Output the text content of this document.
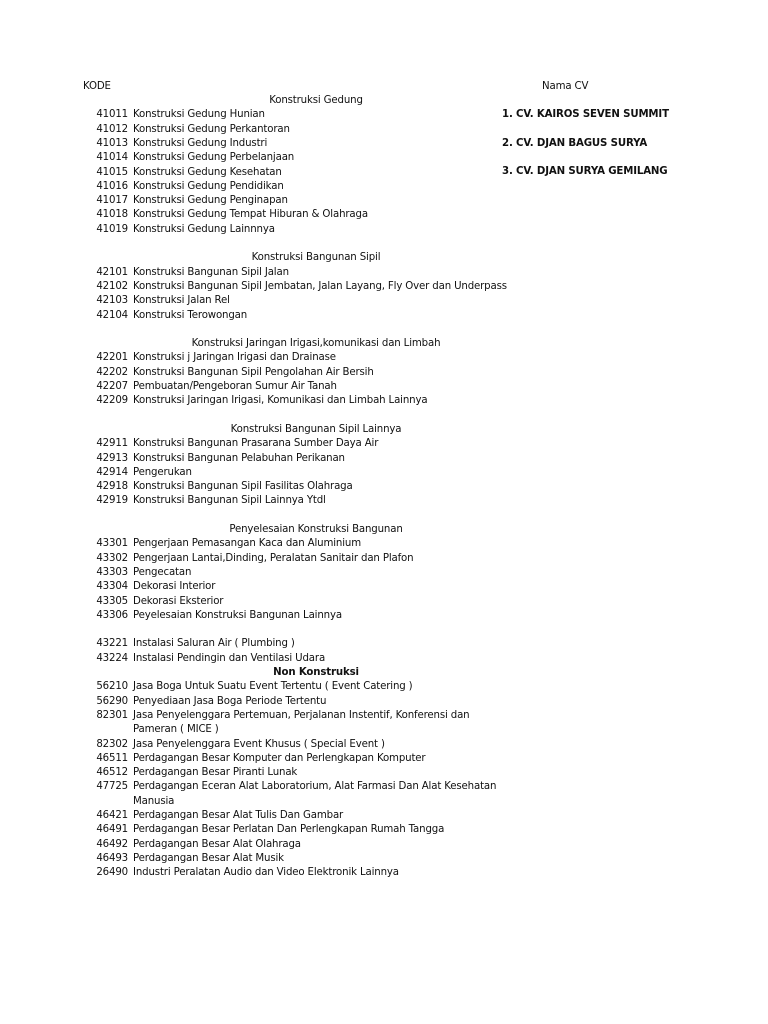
KODE	Nama CV
1. CV. KAIROS SEVEN SUMMIT
2. CV. DJAN BAGUS SURYA
3. CV. DJAN SURYA GEMILANG
Konstruksi Gedung
41011 Konstruksi Gedung Hunian
41012 Konstruksi Gedung Perkantoran
41013 Konstruksi Gedung Industri
41014 Konstruksi Gedung Perbelanjaan
41015 Konstruksi Gedung Kesehatan
41016 Konstruksi Gedung Pendidikan
41017 Konstruksi Gedung Penginapan
41018 Konstruksi Gedung Tempat Hiburan & Olahraga
41019 Konstruksi Gedung Lainnnya
Konstruksi Bangunan Sipil
42101 Konstruksi Bangunan Sipil Jalan
42102 Konstruksi Bangunan Sipil Jembatan, Jalan Layang, Fly Over dan Underpass
42103 Konstruksi Jalan Rel
42104 Konstruksi Terowongan
Konstruksi Jaringan Irigasi,komunikasi dan Limbah
42201 Konstruksi j Jaringan Irigasi dan Drainase
42202 Konstruksi Bangunan Sipil Pengolahan Air Bersih
42207 Pembuatan/Pengeboran Sumur Air Tanah
42209 Konstruksi Jaringan Irigasi, Komunikasi dan Limbah Lainnya
Konstruksi Bangunan Sipil Lainnya
42911 Konstruksi Bangunan Prasarana Sumber Daya Air
42913 Konstruksi Bangunan Pelabuhan Perikanan
42914 Pengerukan
42918 Konstruksi Bangunan Sipil Fasilitas Olahraga
42919 Konstruksi Bangunan Sipil Lainnya Ytdl
Penyelesaian Konstruksi Bangunan
43301 Pengerjaan Pemasangan Kaca dan Aluminium
43302 Pengerjaan Lantai,Dinding, Peralatan Sanitair dan Plafon
43303 Pengecatan
43304 Dekorasi Interior
43305 Dekorasi Eksterior
43306 Peyelesaian Konstruksi Bangunan Lainnya
43221 Instalasi Saluran Air ( Plumbing )
43224 Instalasi Pendingin dan Ventilasi Udara
Non Konstruksi
56210 Jasa Boga Untuk Suatu Event Tertentu ( Event Catering )
56290 Penyediaan Jasa Boga Periode Tertentu
82301 Jasa Penyelenggara Pertemuan, Perjalanan Instentif, Konferensi dan
Pameran ( MICE )
82302 Jasa Penyelenggara Event Khusus ( Special Event )
46511 Perdagangan Besar Komputer dan Perlengkapan Komputer
46512 Perdagangan Besar Piranti Lunak
47725 Perdagangan Eceran Alat Laboratorium, Alat Farmasi Dan Alat Kesehatan
Manusia
46421 Perdagangan Besar Alat Tulis Dan Gambar
46491 Perdagangan Besar Perlatan Dan Perlengkapan Rumah Tangga
46492 Perdagangan Besar Alat Olahraga
46493 Perdagangan Besar Alat Musik
26490 Industri Peralatan Audio dan Video Elektronik Lainnya
